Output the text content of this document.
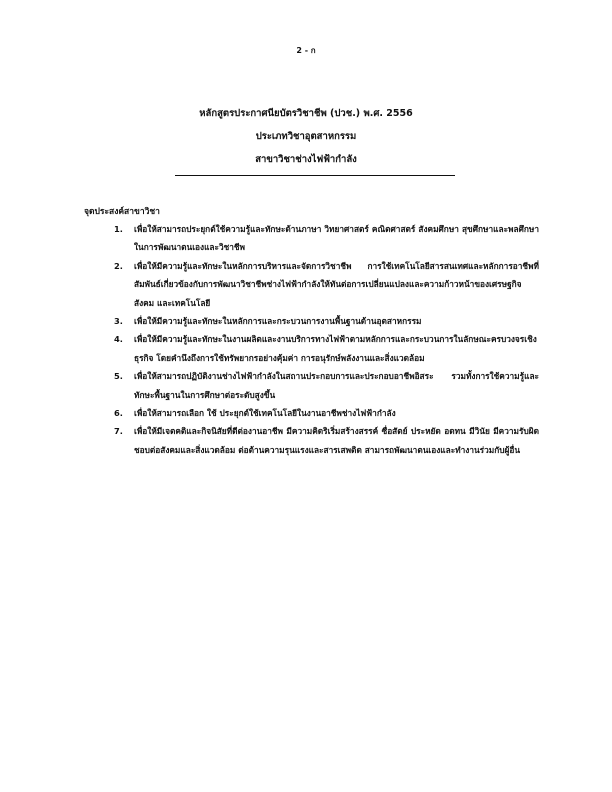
2 - ก
หลักสูตรประกาศนียบัตรวิชาชีพ (ปวช.) พ.ศ. 2556
ประเภทวิชาอุตสาหกรรม
สาขาวิชาช่างไฟฟ้ากำลัง
จุดประสงค์สาขาวิชา
1. เพื่อให้สามารถประยุกต์ใช้ความรู้และทักษะด้านภาษา วิทยาศาสตร์ คณิตศาสตร์ สังคมศึกษา สุขศึกษาและพลศึกษาในการพัฒนาตนเองและวิชาชีพ
2. เพื่อให้มีความรู้และทักษะในหลักการบริหารและจัดการวิชาชีพ การใช้เทคโนโลยีสารสนเทศและหลักการอาชีพที่สัมพันธ์เกี่ยวข้องกับการพัฒนาวิชาชีพช่างไฟฟ้ากำลังให้ทันต่อการเปลี่ยนแปลงและความก้าวหน้าของเศรษฐกิจ สังคม และเทคโนโลยี
3. เพื่อให้มีความรู้และทักษะในหลักการและกระบวนการงานพื้นฐานด้านอุตสาหกรรม
4. เพื่อให้มีความรู้และทักษะในงานผลิตและงานบริการทางไฟฟ้าตามหลักการและกระบวนการในลักษณะครบวงจรเชิงธุรกิจ โดยคำนึงถึงการใช้ทรัพยากรอย่างคุ้มค่า การอนุรักษ์พลังงานและสิ่งแวดล้อม
5. เพื่อให้สามารถปฏิบัติงานช่างไฟฟ้ากำลังในสถานประกอบการและประกอบอาชีพอิสระ รวมทั้งการใช้ความรู้และทักษะพื้นฐานในการศึกษาต่อระดับสูงขึ้น
6. เพื่อให้สามารถเลือก ใช้ ประยุกต์ใช้เทคโนโลยีในงานอาชีพช่างไฟฟ้ากำลัง
7. เพื่อให้มีเจตคติและกิจนิสัยที่ดีต่องานอาชีพ มีความคิดริเริ่มสร้างสรรค์ ซื่อสัตย์ ประหยัด อดทน มีวินัย มีความรับผิดชอบต่อสังคมและสิ่งแวดล้อม ต่อต้านความรุนแรงและสารเสพติด สามารถพัฒนาตนเองและทำงานร่วมกับผู้อื่น
